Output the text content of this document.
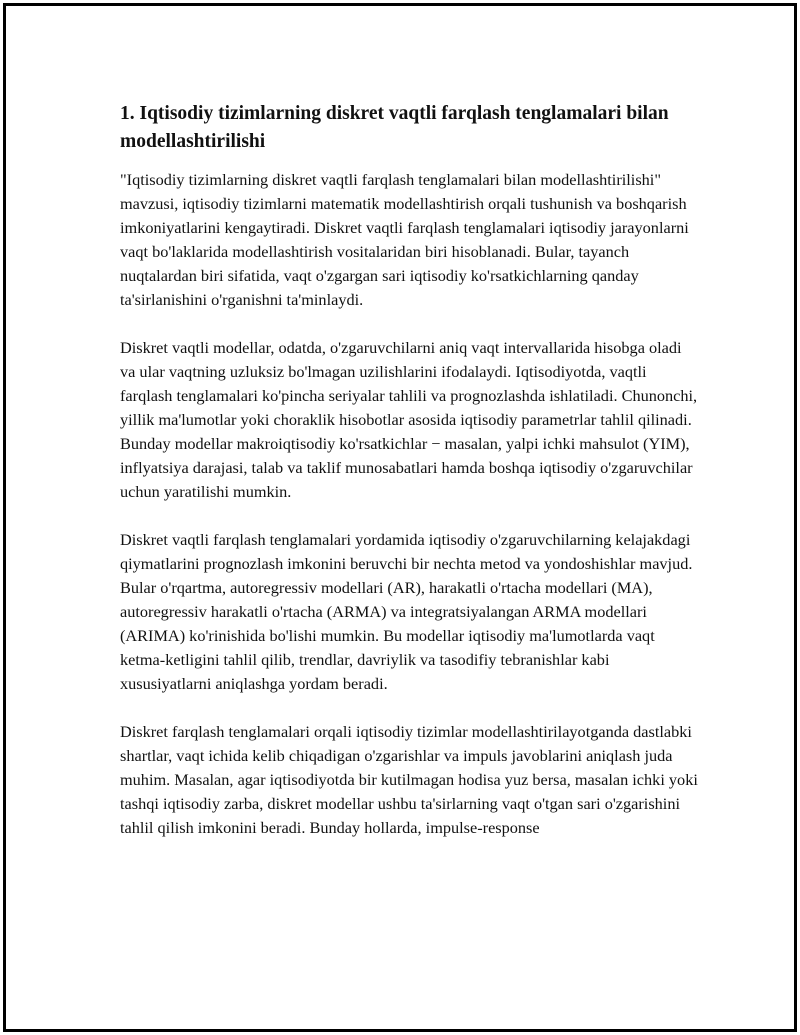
1. Iqtisodiy tizimlarning diskret vaqtli farqlash tenglamalari bilan modellashtirilishi

"Iqtisodiy tizimlarning diskret vaqtli farqlash tenglamalari bilan modellashtirilishi" mavzusi, iqtisodiy tizimlarni matematik modellashtirish orqali tushunish va boshqarish imkoniyatlarini kengaytiradi. Diskret vaqtli farqlash tenglamalari iqtisodiy jarayonlarni vaqt bo'laklarida modellashtirish vositalaridan biri hisoblanadi. Bular, tayanch nuqtalardan biri sifatida, vaqt o'zgargan sari iqtisodiy ko'rsatkichlarning qanday ta'sirlanishini o'rganishni ta'minlaydi.

Diskret vaqtli modellar, odatda, o'zgaruvchilarni aniq vaqt intervallarida hisobga oladi va ular vaqtning uzluksiz bo'lmagan uzilishlarini ifodalaydi. Iqtisodiyotda, vaqtli farqlash tenglamalari ko'pincha seriyalar tahlili va prognozlashda ishlatiladi. Chunonchi, yillik ma'lumotlar yoki choraklik hisobotlar asosida iqtisodiy parametrlar tahlil qilinadi. Bunday modellar makroiqtisodiy ko'rsatkichlar − masalan, yalpi ichki mahsulot (YIM), inflyatsiya darajasi, talab va taklif munosabatlari hamda boshqa iqtisodiy o'zgaruvchilar uchun yaratilishi mumkin.

Diskret vaqtli farqlash tenglamalari yordamida iqtisodiy o'zgaruvchilarning kelajakdagi qiymatlarini prognozlash imkonini beruvchi bir nechta metod va yondoshishlar mavjud. Bular o'rqartma, autoregressiv modellari (AR), harakatli o'rtacha modellari (MA), autoregressiv harakatli o'rtacha (ARMA) va integratsiyalangan ARMA modellari (ARIMA) ko'rinishida bo'lishi mumkin. Bu modellar iqtisodiy ma'lumotlarda vaqt ketma-ketligini tahlil qilib, trendlar, davriylik va tasodifiy tebranishlar kabi xususiyatlarni aniqlashga yordam beradi.

Diskret farqlash tenglamalari orqali iqtisodiy tizimlar modellashtirilayotganda dastlabki shartlar, vaqt ichida kelib chiqadigan o'zgarishlar va impuls javoblarini aniqlash juda muhim. Masalan, agar iqtisodiyotda bir kutilmagan hodisa yuz bersa, masalan ichki yoki tashqi iqtisodiy zarba, diskret modellar ushbu ta'sirlarning vaqt o'tgan sari o'zgarishini tahlil qilish imkonini beradi. Bunday hollarda, impulse-response
